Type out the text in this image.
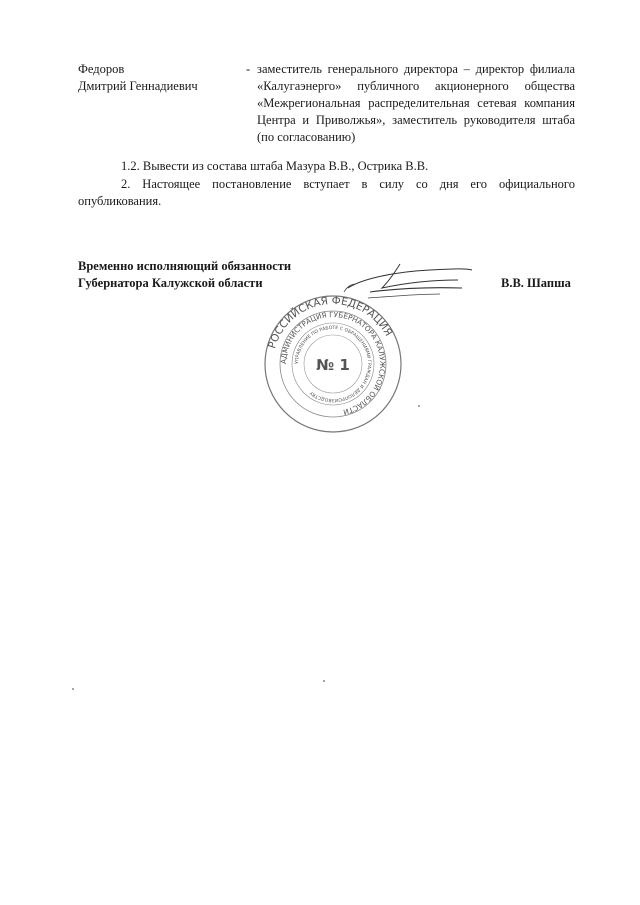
Федоров
Дмитрий Геннадиевич
- заместитель генерального директора – директор филиала «Калугаэнерго» публичного акционерного общества «Межрегиональная распределительная сетевая компания Центра и Приволжья», заместитель руководителя штаба (по согласованию)
1.2. Вывести из состава штаба Мазура В.В., Острика В.В.
2. Настоящее постановление вступает в силу со дня его официального опубликования.
Временно исполняющий обязанности
Губернатора Калужской области	В.В. Шапша
РОССИЙСКАЯ ФЕДЕРАЦИЯ
АДМИНИСТРАЦИЯ ГУБЕРНАТОРА КАЛУЖСКОЙ ОБЛАСТИ
УПРАВЛЕНИЕ ПО РАБОТЕ С ОБРАЩЕНИЯМИ ГРАЖДАН И ДЕЛОПРОИЗВОДСТВУ
№ 1
